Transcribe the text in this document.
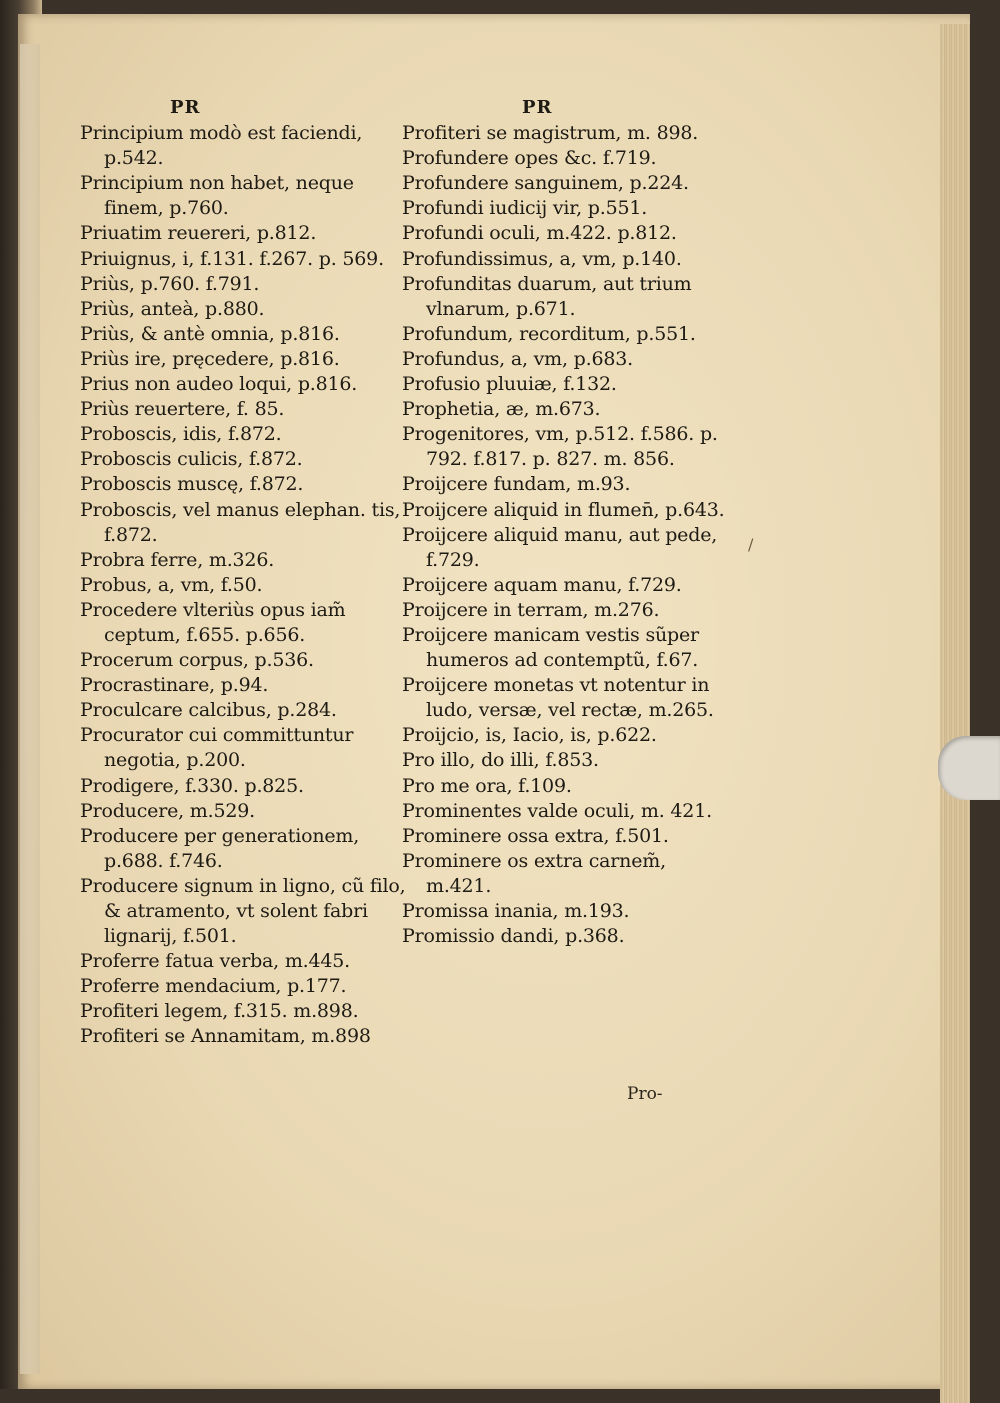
PR
Principium modò est faciendi, p.542.
Principium non habet, neque finem, p.760.
Priuatim reuereri, p.812.
Priuignus, i, f.131. f.267. p. 569.
Priùs, p.760. f.791.
Priùs, anteà, p.880.
Priùs, & antè omnia, p.816.
Priùs ire, pręcedere, p.816.
Prius non audeo loqui, p.816.
Priùs reuertere, f. 85.
Proboscis, idis, f.872.
Proboscis culicis, f.872.
Proboscis muscę, f.872.
Proboscis, vel manus elephan. tis, f.872.
Probra ferre, m.326.
Probus, a, vm, f.50.
Procedere vlteriùs opus iam̃ ceptum, f.655. p.656.
Procerum corpus, p.536.
Procrastinare, p.94.
Proculcare calcibus, p.284.
Procurator cui committuntur negotia, p.200.
Prodigere, f.330. p.825.
Producere, m.529.
Producere per generationem, p.688. f.746.
Producere signum in ligno, cũ filo, & atramento, vt solent fabri lignarij, f.501.
Proferre fatua verba, m.445.
Proferre mendacium, p.177.
Profiteri legem, f.315. m.898.
Profiteri se Annamitam, m.898
PR
Profiteri se magistrum, m. 898.
Profundere opes &c. f.719.
Profundere sanguinem, p.224.
Profundi iudicij vir, p.551.
Profundi oculi, m.422. p.812.
Profundissimus, a, vm, p.140.
Profunditas duarum, aut trium vlnarum, p.671.
Profundum, recorditum, p.551.
Profundus, a, vm, p.683.
Profusio pluuiæ, f.132.
Prophetia, æ, m.673.
Progenitores, vm, p.512. f.586. p. 792. f.817. p. 827. m. 856.
Proijcere fundam, m.93.
Proijcere aliquid in flumen̄, p.643.
Proijcere aliquid manu, aut pede, f.729.
Proijcere aquam manu, f.729.
Proijcere in terram, m.276.
Proijcere manicam vestis sũper humeros ad contemptũ, f.67.
Proijcere monetas vt notentur in ludo, versæ, vel rectæ, m.265.
Proijcio, is, Iacio, is, p.622.
Pro illo, do illi, f.853.
Pro me ora, f.109.
Prominentes valde oculi, m. 421.
Prominere ossa extra, f.501.
Prominere os extra carnem̃, m.421.
Promissa inania, m.193.
Promissio dandi, p.368.
Pro-
/
